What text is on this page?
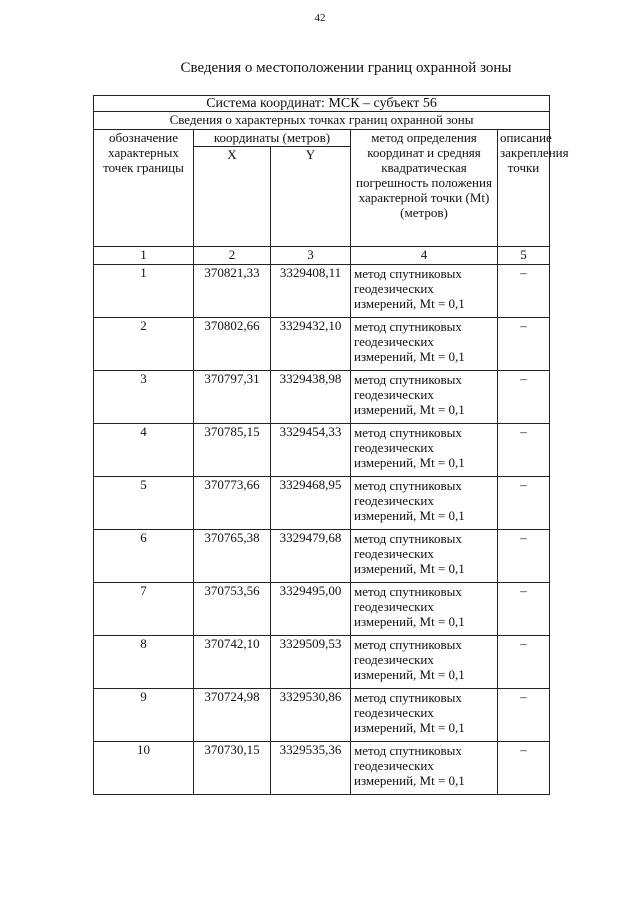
42
Сведения о местоположении границ охранной зоны
Система координат: МСК – субъект 56				
Сведения о характерных точках границ охранной зоны				
обозначение характерных точек границы	координаты (метров)		метод определения координат и средняя квадратическая погрешность положения характерной точки (Mt) (метров)	описание закрепления точки
	X	Y		
1	2	3	4	5
1	370821,33	3329408,11	метод спутниковых геодезических измерений, Mt = 0,1	–
2	370802,66	3329432,10	метод спутниковых геодезических измерений, Mt = 0,1	–
3	370797,31	3329438,98	метод спутниковых геодезических измерений, Mt = 0,1	–
4	370785,15	3329454,33	метод спутниковых геодезических измерений, Mt = 0,1	–
5	370773,66	3329468,95	метод спутниковых геодезических измерений, Mt = 0,1	–
6	370765,38	3329479,68	метод спутниковых геодезических измерений, Mt = 0,1	–
7	370753,56	3329495,00	метод спутниковых геодезических измерений, Mt = 0,1	–
8	370742,10	3329509,53	метод спутниковых геодезических измерений, Mt = 0,1	–
9	370724,98	3329530,86	метод спутниковых геодезических измерений, Mt = 0,1	–
10	370730,15	3329535,36	метод спутниковых геодезических измерений, Mt = 0,1	–
